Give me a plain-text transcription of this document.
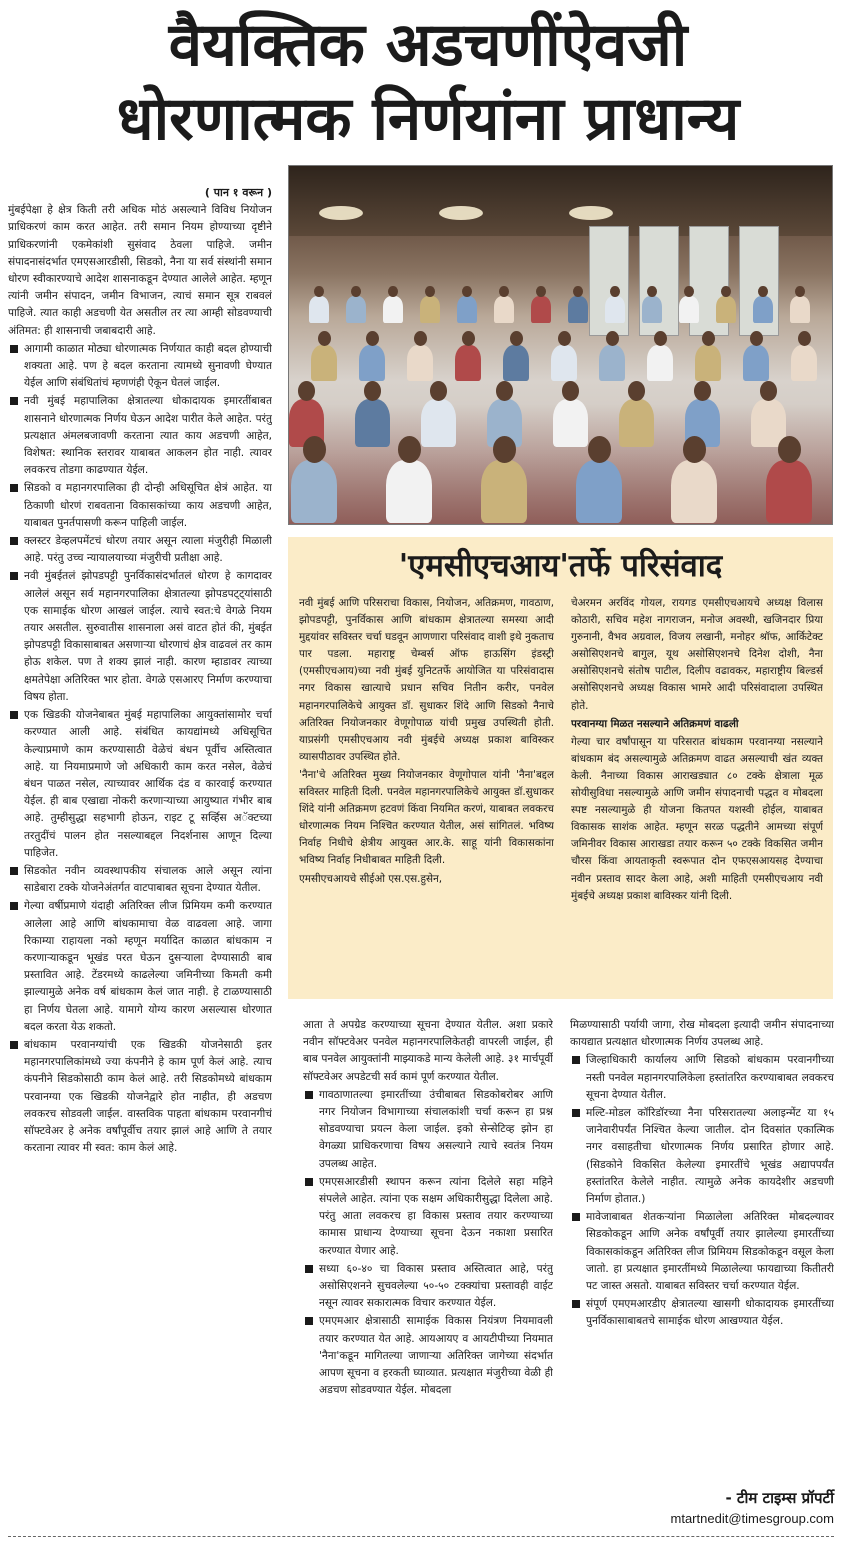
वैयक्तिक अडचणींऐवजी
धोरणात्मक निर्णयांना प्राधान्य

( पान १ वरून )

मुंबईपेक्षा हे क्षेत्र किती तरी अधिक मोठं असल्याने विविध नियोजन प्राधिकरणं काम करत आहेत. तरी समान नियम होण्याच्या दृष्टीने प्राधिकरणांनी एकमेकांशी सुसंवाद ठेवला पाहिजे. जमीन संपादनासंदर्भात एमएसआरडीसी, सिडको, नैना या सर्व संस्थांनी समान धोरण स्वीकारण्याचे आदेश शासनाकडून देण्यात आलेले आहेत. म्हणून त्यांनी जमीन संपादन, जमीन विभाजन, त्याचं समान सूत्र राबवलं पाहिजे. त्यात काही अडचणी येत असतील तर त्या आम्ही सोडवण्याची अंतिमत: ही शासनाची जबाबदारी आहे.

आगामी काळात मोठ्या धोरणात्मक निर्णयात काही बदल होण्याची शक्यता आहे. पण हे बदल करताना त्यामध्ये सुनावणी घेण्यात येईल आणि संबंधितांचं म्हणणंही ऐकून घेतलं जाईल.

नवी मुंबई महापालिका क्षेत्रातल्या धोकादायक इमारतींबाबत शासनाने धोरणात्मक निर्णय घेऊन आदेश पारीत केले आहेत. परंतु प्रत्यक्षात अंमलबजावणी करताना त्यात काय अडचणी आहेत, विशेषत: स्थानिक स्तरावर याबाबत आकलन होत नाही. त्यावर लवकरच तोडगा काढण्यात येईल.

सिडको व महानगरपालिका ही दोन्ही अधिसूचित क्षेत्रं आहेत. या ठिकाणी धोरणं राबवताना विकासकांच्या काय अडचणी आहेत, याबाबत पुनर्तपासणी करून पाहिली जाईल.

क्लस्टर डेव्हलपमेंटचं धोरण तयार असून त्याला मंजुरीही मिळाली आहे. परंतु उच्च न्यायालयाच्या मंजुरीची प्रतीक्षा आहे.

नवी मुंबईतलं झोपडपट्टी पुनर्विकासंदर्भातलं धोरण हे कागदावर आलेलं असून सर्व महानगरपालिका क्षेत्रातल्या झोपडपट्ट्यांसाठी एक सामाईक धोरण आखलं जाईल. त्याचे स्वत:चे वेगळे नियम तयार असतील. सुरुवातीस शासनाला असं वाटत होतं की, मुंबईत झोपडपट्टी विकासाबाबत असणाऱ्या धोरणाचं क्षेत्र वाढवलं तर काम होऊ शकेल. पण ते शक्य झालं नाही. कारण म्हाडावर त्याच्या क्षमतेपेक्षा अतिरिक्त भार होता. वेगळे एसआरए निर्माण करण्याचा विषय होता.

एक खिडकी योजनेबाबत मुंबई महापालिका आयुक्तांसामोर चर्चा करण्यात आली आहे. संबंधित कायद्यांमध्ये अधिसूचित केल्याप्रमाणे काम करण्यासाठी वेळेचं बंधन पूर्वीच अस्तित्वात आहे. या नियमाप्रमाणे जो अधिकारी काम करत नसेल, वेळेचं बंधन पाळत नसेल, त्याच्यावर आर्थिक दंड व कारवाई करण्यात येईल. ही बाब एखाद्या नोकरी करणाऱ्याच्या आयुष्यात गंभीर बाब आहे. तुम्हीसुद्धा सहभागी होऊन, राइट टू सर्व्हिस अॅक्टच्या तरतुदींचं पालन होत नसल्याबद्दल निदर्शनास आणून दिल्या पाहिजेत.

सिडकोत नवीन व्यवस्थापकीय संचालक आले असून त्यांना साडेबारा टक्के योजनेअंतर्गत वाटपाबाबत सूचना देण्यात येतील.

गेल्या वर्षीप्रमाणे यंदाही अतिरिक्त लीज प्रिमियम कमी करण्यात आलेला आहे आणि बांधकामाचा वेळ वाढवला आहे. जागा रिकाम्या राहायला नको म्हणून मर्यादित काळात बांधकाम न करणाऱ्याकडून भूखंड परत घेऊन दुसऱ्याला देण्यासाठी बाब प्रस्तावित आहे. टेंडरमध्ये काढलेल्या जमिनीच्या किमती कमी झाल्यामुळे अनेक वर्ष बांधकाम केलं जात नाही. हे टाळण्यासाठी हा निर्णय घेतला आहे. यामागे योग्य कारण असल्यास धोरणात बदल करता येऊ शकतो.

बांधकाम परवानग्यांची एक खिडकी योजनेसाठी इतर महानगरपालिकांमध्ये ज्या कंपनीने हे काम पूर्ण केलं आहे. त्याच कंपनीने सिडकोसाठी काम केलं आहे. तरी सिडकोमध्ये बांधकाम परवानग्या एक खिडकी योजनेद्वारे होत नाहीत, ही अडचण लवकरच सोडवली जाईल. वास्तविक पाहता बांधकाम परवानगीचं सॉफ्टवेअर हे अनेक वर्षांपूर्वीच तयार झालं आहे आणि ते तयार करताना त्यावर मी स्वत: काम केलं आहे.

'एमसीएचआय'तर्फे परिसंवाद

नवी मुंबई आणि परिसराचा विकास, नियोजन, अतिक्रमण, गावठाण, झोपडपट्टी, पुनर्विकास आणि बांधकाम क्षेत्रातल्या समस्या आदी मुद्दयांवर सविस्तर चर्चा घडवून आणणारा परिसंवाद वाशी इथे नुकताच पार पडला. महाराष्ट्र चेम्बर्स ऑफ हाऊसिंग इंडस्ट्री (एमसीएचआय)च्या नवी मुंबई युनिटतर्फे आयोजित या परिसंवादास नगर विकास खात्याचे प्रधान सचिव नितीन करीर, पनवेल महानगरपालिकेचे आयुक्त डॉ. सुधाकर शिंदे आणि सिडको नैनाचे अतिरिक्त नियोजनकार वेणूगोपाळ यांची प्रमुख उपस्थिती होती. याप्रसंगी एमसीएचआय नवी मुंबईचे अध्यक्ष प्रकाश बाविस्कर व्यासपीठावर उपस्थित होते.

'नैना'चे अतिरिक्त मुख्य नियोजनकार वेणूगोपाल यांनी 'नैना'बद्दल सविस्तर माहिती दिली. पनवेल महानगरपालिकेचे आयुक्त डॉ.सुधाकर शिंदे यांनी अतिक्रमण हटवणं किंवा नियमित करणं, याबाबत लवकरच धोरणात्मक नियम निश्चित करण्यात येतील, असं सांगितलं. भविष्य निर्वाह निधीचे क्षेत्रीय आयुक्त आर.के. साहू यांनी विकासकांना भविष्य निर्वाह निधीबाबत माहिती दिली.

एमसीएचआयचे सीईओ एस.एस.हुसेन,

चेअरमन अरविंद गोयल, रायगड एमसीएचआयचे अध्यक्ष विलास कोठारी, सचिव महेश नागराजन, मनोज अवस्थी, खजिनदार प्रिया गुरुनानी, वैभव अग्रवाल, विजय लखानी, मनोहर श्रॉफ, आर्किटेक्ट असोसिएशनचे बागुल, यूथ असोसिएशनचे दिनेश दोशी, नैना असोसिएशनचे संतोष पाटील, दिलीप वढावकर, महाराष्ट्रीय बिल्डर्स असोसिएशनचे अध्यक्ष विकास भामरे आदी परिसंवादाला उपस्थित होते.

परवानग्या मिळत नसल्याने अतिक्रमणं वाढली

गेल्या चार वर्षांपासून या परिसरात बांधकाम परवानग्या नसल्याने बांधकाम बंद असल्यामुळे अतिक्रमण वाढत असल्याची खंत व्यक्त केली. नैनाच्या विकास आराखड्यात ८० टक्के क्षेत्राला मूळ सोयीसुविधा नसल्यामुळे आणि जमीन संपादनाची पद्धत व मोबदला स्पष्ट नसल्यामुळे ही योजना कितपत यशस्वी होईल, याबाबत विकासक साशंक आहेत. म्हणून सरळ पद्धतीने आमच्या संपूर्ण जमिनीवर विकास आराखडा तयार करून ५० टक्के विकसित जमीन चौरस किंवा आयताकृती स्वरूपात दोन एफएसआयसह देण्याचा नवीन प्रस्ताव सादर केला आहे, अशी माहिती एमसीएचआय नवी मुंबईचे अध्यक्ष प्रकाश बाविस्कर यांनी दिली.

आता ते अपग्रेड करण्याच्या सूचना देण्यात येतील. अशा प्रकारे नवीन सॉफ्टवेअर पनवेल महानगरपालिकेतही वापरली जाईल, ही बाब पनवेल आयुक्तांनी माझ्याकडे मान्य केलेली आहे. ३१ मार्चपूर्वी सॉफ्टवेअर अपडेटची सर्व कामं पूर्ण करण्यात येतील.

गावठाणातल्या इमारतींच्या उंचीबाबत सिडकोबरोबर आणि नगर नियोजन विभागाच्या संचालकांशी चर्चा करून हा प्रश्न सोडवण्याचा प्रयत्न केला जाईल. इको सेन्सेटिव्ह झोन हा वेगळ्या प्राधिकरणाचा विषय असल्याने त्याचे स्वतंत्र नियम उपलब्ध आहेत.

एमएसआरडीसी स्थापन करून त्यांना दिलेले सहा महिने संपलेले आहेत. त्यांना एक सक्षम अधिकारीसुद्धा दिलेला आहे. परंतु आता लवकरच हा विकास प्रस्ताव तयार करण्याच्या कामास प्राधान्य देण्याच्या सूचना देऊन नकाशा प्रसारित करण्यात येणार आहे.

सध्या ६०-४० चा विकास प्रस्ताव अस्तित्वात आहे, परंतु असोसिएशनने सुचवलेल्या ५०-५० टक्क्यांचा प्रस्तावही वाईट नसून त्यावर सकारात्मक विचार करण्यात येईल.

एमएमआर क्षेत्रासाठी सामाईक विकास नियंत्रण नियमावली तयार करण्यात येत आहे. आयआयए व आयटीपीच्या नियमात 'नैना'कडून मागितल्या जाणाऱ्या अतिरिक्त जागेच्या संदर्भात आपण सूचना व हरकती घ्याव्यात. प्रत्यक्षात मंजुरीच्या वेळी ही अडचण सोडवण्यात येईल. मोबदला

मिळण्यासाठी पर्यायी जागा, रोख मोबदला इत्यादी जमीन संपादनाच्या कायद्यात प्रत्यक्षात धोरणात्मक निर्णय उपलब्ध आहे.

जिल्हाधिकारी कार्यालय आणि सिडको बांधकाम परवानगीच्या नस्ती पनवेल महानगरपालिकेला हस्तांतरित करण्याबाबत लवकरच सूचना देण्यात येतील.

मल्टि-मोडल कॉरिडॉरच्या नैना परिसरातल्या अलाइन्मेंट या १५ जानेवारीपर्यंत निश्चित केल्या जातील. दोन दिवसांत एकात्मिक नगर वसाहतीचा धोरणात्मक निर्णय प्रसारित होणार आहे. (सिडकोने विकसित केलेल्या इमारतींचे भूखंड अद्यापपर्यंत हस्तांतरित केलेले नाहीत. त्यामुळे अनेक कायदेशीर अडचणी निर्माण होतात.)

मावेजाबाबत शेतकऱ्यांना मिळालेला अतिरिक्त मोबदल्यावर सिडकोकडून आणि अनेक वर्षांपूर्वी तयार झालेल्या इमारतींच्या विकासकांकडून अतिरिक्त लीज प्रिमियम सिडकोकडून वसूल केला जातो. हा प्रत्यक्षात इमारतींमध्ये मिळालेल्या फायद्याच्या कितीतरी पट जास्त असतो. याबाबत सविस्तर चर्चा करण्यात येईल.

संपूर्ण एमएमआरडीए क्षेत्रातल्या खासगी धोकादायक इमारतींच्या पुनर्विकासाबाबतचे सामाईक धोरण आखण्यात येईल.

- टीम टाइम्स प्रॉपर्टी
mtartnedit@timesgroup.com
